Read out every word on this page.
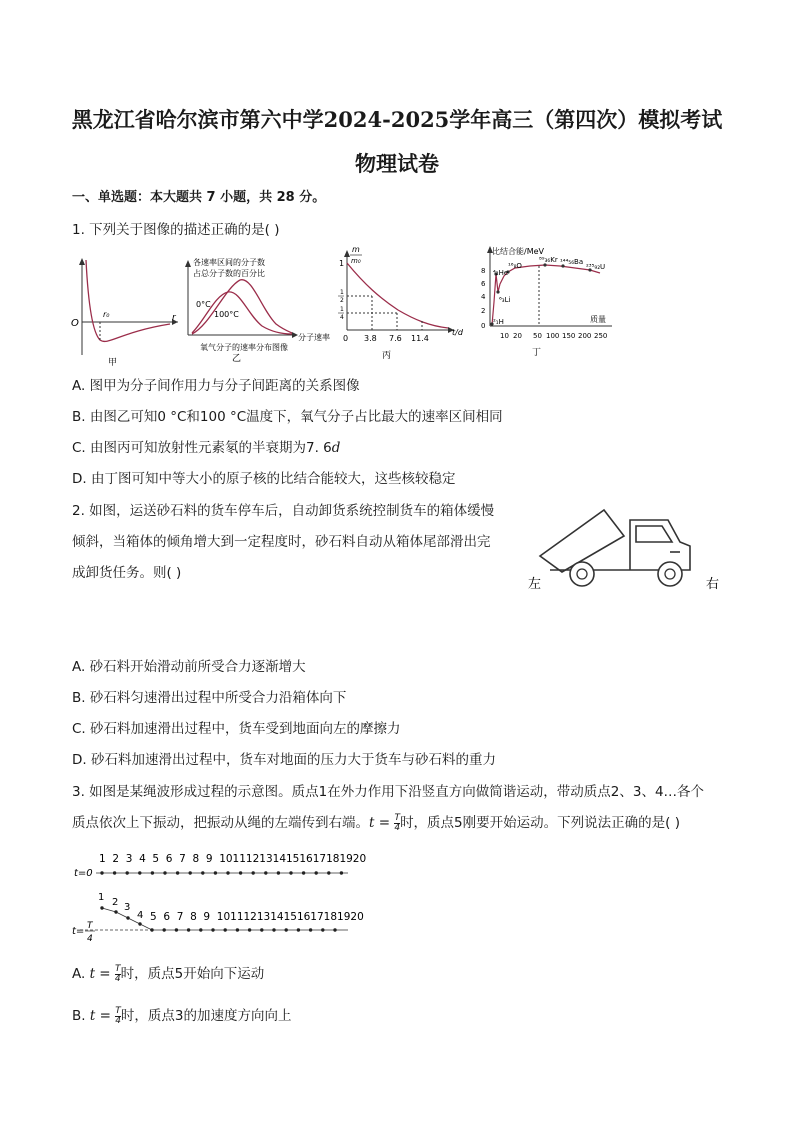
黑龙江省哈尔滨市第六中学2024-2025学年高三（第四次）模拟考试
物理试卷
一、单选题：本大题共 7 小题，共 28 分。
1. 下列关于图像的描述正确的是( )
O
r₀	r
甲
各速率区间的分子数
占总分子数的百分比
0°C
100°C
分子速率
氧气分子的速率分布图像
乙
m
m₀
1
1
2
1
4
0 3.8 7.6 11.4
t/d
丙
比结合能/MeV
8
6
4
2
0
⁴₂He
⁶₃Li
²₁H
¹⁶₈O
⁸⁹₃₆Kr ¹⁴⁴₅₆Ba
²³⁵₉₂U
质量
10 20 50 100 150 200 250
丁
A. 图甲为分子间作用力与分子间距离的关系图像
B. 由图乙可知0 °C和100 °C温度下，氧气分子占比最大的速率区间相同
C. 由图丙可知放射性元素氡的半衰期为7. 6d
D. 由丁图可知中等大小的原子核的比结合能较大，这些核较稳定
2. 如图，运送砂石料的货车停车后，自动卸货系统控制货车的箱体缓慢
倾斜，当箱体的倾角增大到一定程度时，砂石料自动从箱体尾部滑出完
成卸货任务。则( )
左	右
A. 砂石料开始滑动前所受合力逐渐增大
B. 砂石料匀速滑出过程中所受合力沿箱体向下
C. 砂石料加速滑出过程中，货车受到地面向左的摩擦力
D. 砂石料加速滑出过程中，货车对地面的压力大于货车与砂石料的重力
3. 如图是某绳波形成过程的示意图。质点1在外力作用下沿竖直方向做简谐运动，带动质点2、3、4…各个
质点依次上下振动，把振动从绳的左端传到右端。$t = \frac{T}{4}$ 时，质点5刚要开始运动。下列说法正确的是( )
t=0
1  2  3  4  5  6  7  8  9  1011121314151617181920
1 2 3
4 5  6  7  8  9  1011121314151617181920
t= T
4
A. $t = \frac{T}{4}$ 时，质点5开始向下运动
B. $t = \frac{T}{4}$ 时，质点3的加速度方向向上
